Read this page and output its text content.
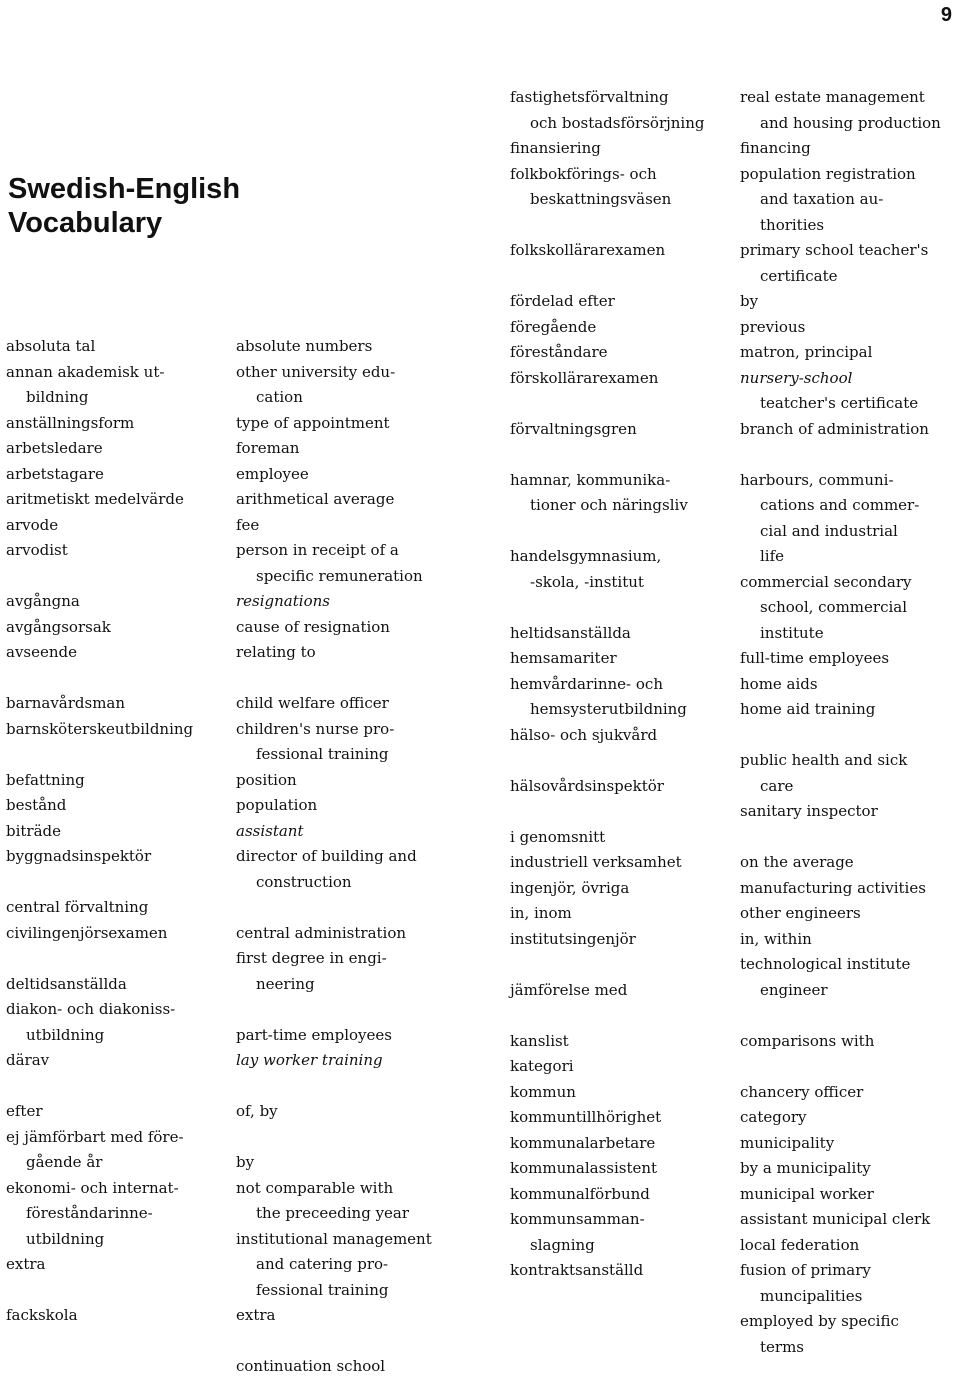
9
Swedish-English
Vocabulary
absoluta tal
annan akademisk ut-
bildning
anställningsform
arbetsledare
arbetstagare
aritmetiskt medelvärde
arvode
arvodist
avgångna
avgångsorsak
avseende
barnavårdsman
barnsköterskeutbildning
befattning
bestånd
biträde
byggnadsinspektör
central förvaltning
civilingenjörsexamen
deltidsanställda
diakon- och diakoniss-
utbildning
därav
efter
ej jämförbart med före-
gående år
ekonomi- och internat-
föreståndarinne-
utbildning
extra
fackskola
absolute numbers
other university edu-
cation
type of appointment
foreman
employee
arithmetical average
fee
person in receipt of a
specific remuneration
resignations
cause of resignation
relating to
child welfare officer
children's nurse pro-
fessional training
position
population
assistant
director of building and
construction
central administration
first degree in engi-
neering
part-time employees
lay worker training
of, by
by
not comparable with
the preceeding year
institutional management
and catering pro-
fessional training
extra
continuation school
fastighetsförvaltning
och bostadsförsörjning
finansiering
folkbokförings- och
beskattningsväsen
folkskollärarexamen
fördelad efter
föregående
föreståndare
förskollärarexamen
förvaltningsgren
hamnar, kommunika-
tioner och näringsliv
handelsgymnasium,
-skola, -institut
heltidsanställda
hemsamariter
hemvårdarinne- och
hemsysterutbildning
hälso- och sjukvård
hälsovårdsinspektör
i genomsnitt
industriell verksamhet
ingenjör, övriga
in, inom
institutsingenjör
jämförelse med
kanslist
kategori
kommun
kommuntillhörighet
kommunalarbetare
kommunalassistent
kommunalförbund
kommunsamman-
slagning
kontraktsanställd
real estate management
and housing production
financing
population registration
and taxation au-
thorities
primary school teacher's
certificate
by
previous
matron, principal
nursery-school
teatcher's certificate
branch of administration
harbours, communi-
cations and commer-
cial and industrial
life
commercial secondary
school, commercial
institute
full-time employees
home aids
home aid training
public health and sick
care
sanitary inspector
on the average
manufacturing activities
other engineers
in, within
technological institute
engineer
comparisons with
chancery officer
category
municipality
by a municipality
municipal worker
assistant municipal clerk
local federation
fusion of primary
muncipalities
employed by specific
terms
